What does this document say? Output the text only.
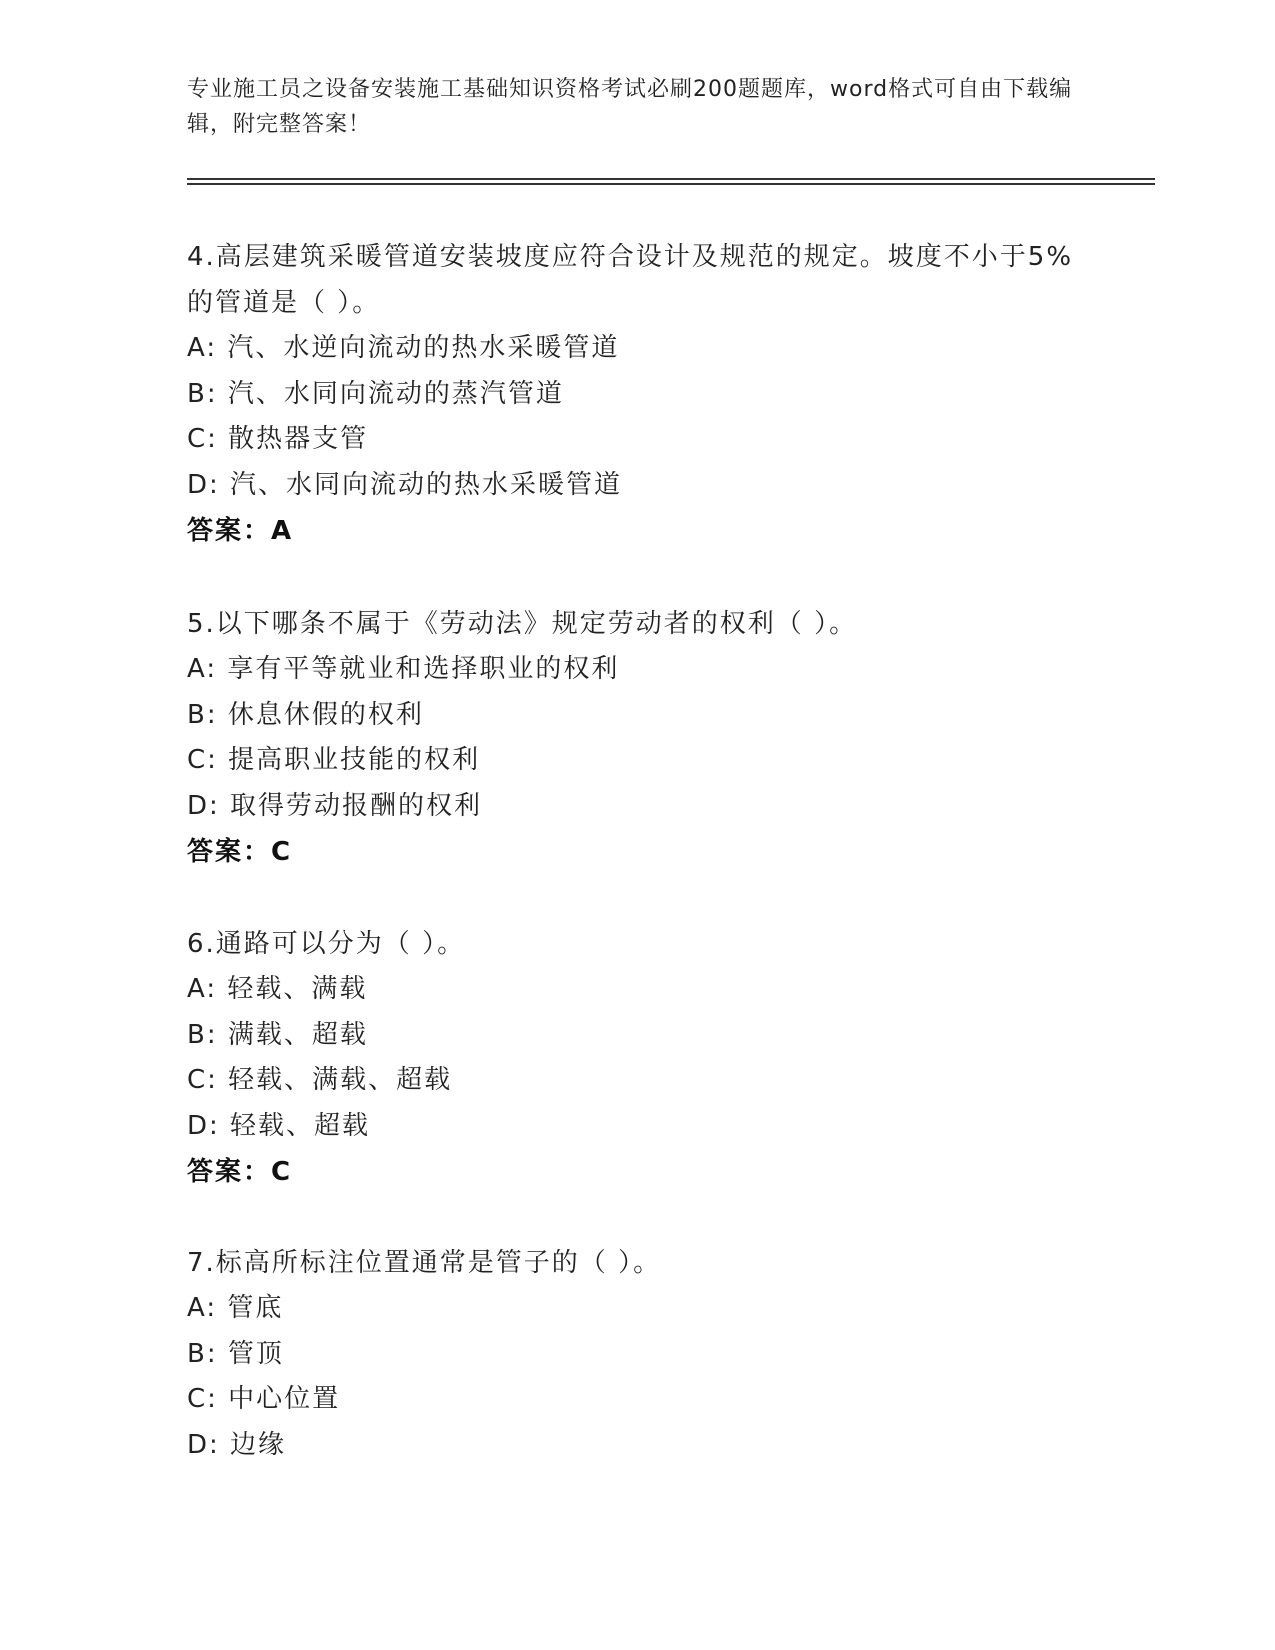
专业施工员之设备安装施工基础知识资格考试必刷200题题库，word格式可自由下载编辑，附完整答案！

4.高层建筑采暖管道安装坡度应符合设计及规范的规定。坡度不小于5%的管道是（ ）。

A: 汽、水逆向流动的热水采暖管道

B: 汽、水同向流动的蒸汽管道

C: 散热器支管

D: 汽、水同向流动的热水采暖管道

答案：A

5.以下哪条不属于《劳动法》规定劳动者的权利（ ）。

A: 享有平等就业和选择职业的权利

B: 休息休假的权利

C: 提高职业技能的权利

D: 取得劳动报酬的权利

答案：C

6.通路可以分为（ ）。

A: 轻载、满载

B: 满载、超载

C: 轻载、满载、超载

D: 轻载、超载

答案：C

7.标高所标注位置通常是管子的（ ）。

A: 管底

B: 管顶

C: 中心位置

D: 边缘
